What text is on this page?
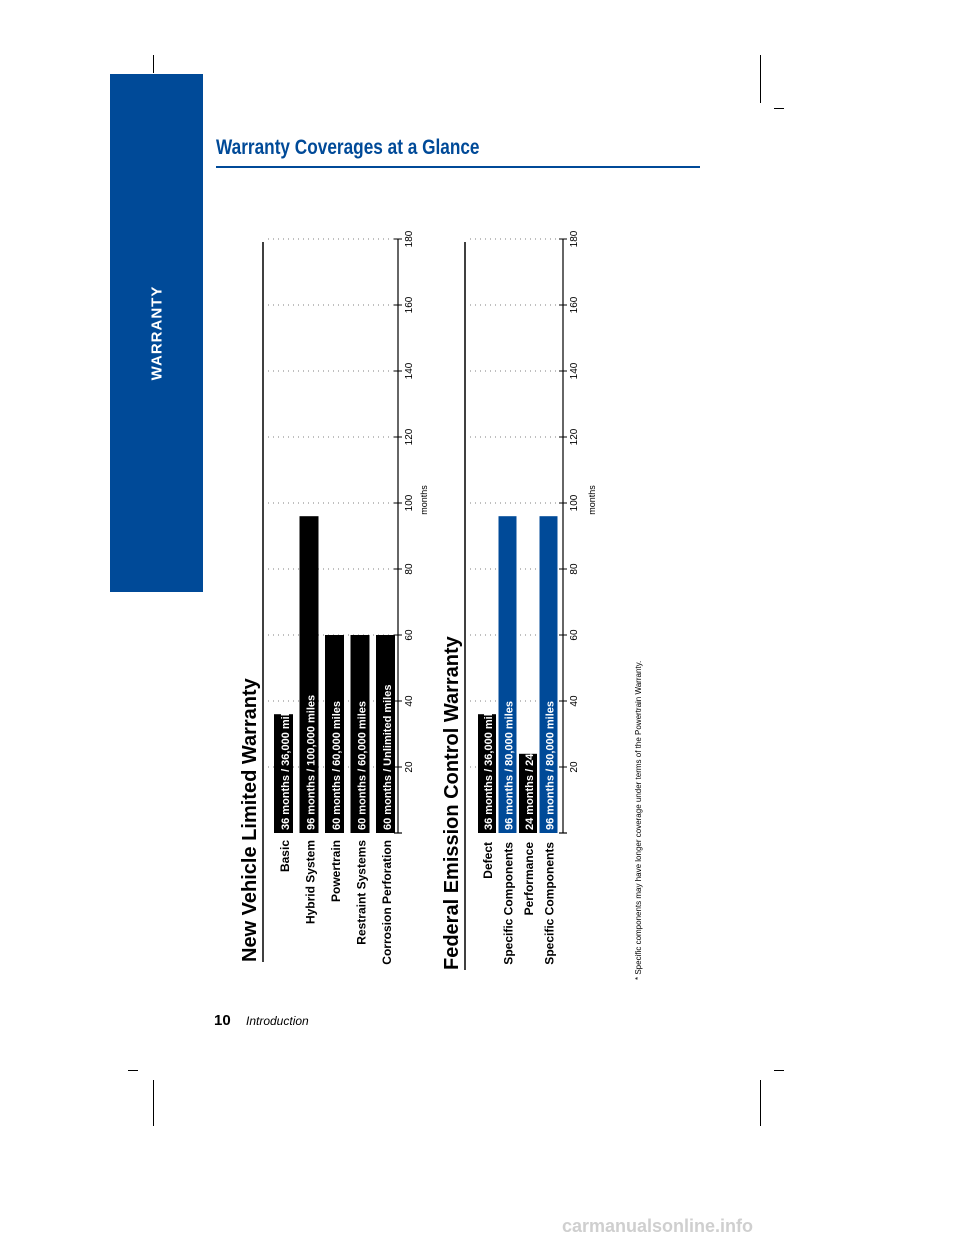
WARRANTY
Warranty Coverages at a Glance
New Vehicle Limited Warranty Basic Hybrid System Powertrain Restraint Systems Corrosion Perforation
36 months / 36,000 miles 96 months / 100,000 miles 60 months / 60,000 miles 60 months / 60,000 miles 60 months / Unlimited miles 20
40
60
80
100
120
140
160
180
months
Federal Emission Control Warranty Defect Specific Components Performance Specific Components
36 months / 36,000 miles* 96 months / 80,000 miles 24 months / 24,000 miles 96 months / 80,000 miles 20
40
60
80
100
120
140
160
180
months
* Specific components may have longer coverage under terms of the Powertrain Warranty.
10 Introduction
carmanualsonline.info
